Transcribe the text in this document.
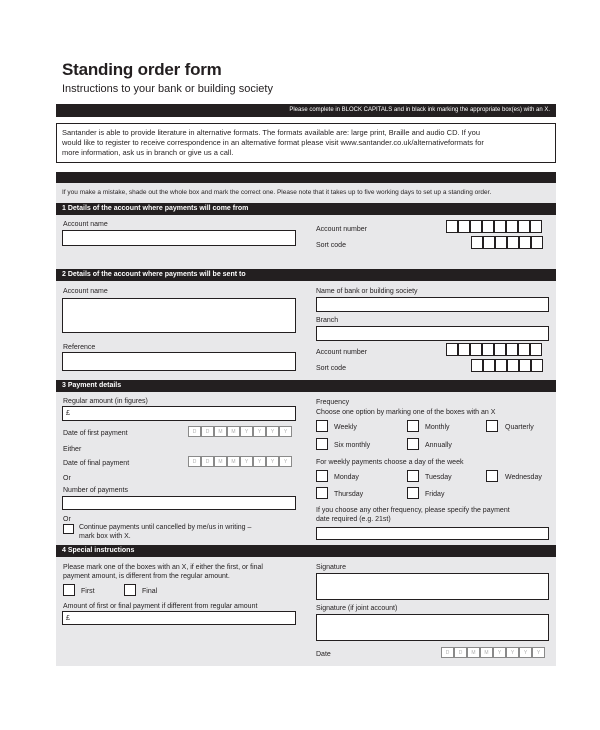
Standing order form
Instructions to your bank or building society
Please complete in BLOCK CAPITALS and in black ink marking the appropriate box(es) with an X.
Santander is able to provide literature in alternative formats. The formats available are: large print, Braille and audio CD. If you
would like to register to receive correspondence in an alternative format please visit www.santander.co.uk/alternativeformats for
more information, ask us in branch or give us a call.
If you make a mistake, shade out the whole box and mark the correct one. Please note that it takes up to five working days to set up a standing order.
1 Details of the account where payments will come from
Account name
Account number
Sort code
2 Details of the account where payments will be sent to
Account name	Name of bank or building society
Branch
Reference
Account number
Sort code
3 Payment details
Regular amount (in figures)
£
Date of first payment	D	D	M	M	Y	Y	Y	Y
Either
Date of final payment	D	D	M	M	Y	Y	Y	Y
Or
Number of payments
Or
Continue payments until cancelled by me/us in writing –
mark box with X.
Frequency
Choose one option by marking one of the boxes with an X
Weekly	Monthly	Quarterly
Six monthly	Annually
For weekly payments choose a day of the week
Monday	Tuesday	Wednesday
Thursday	Friday
If you choose any other frequency, please specify the payment
date required (e.g. 21st)
4 Special instructions
Please mark one of the boxes with an X, if either the first, or final
payment amount, is different from the regular amount.
First	Final
Amount of first or final payment if different from regular amount
£
Signature
Signature (if joint account)
Date	D	D	M	M	Y	Y	Y	Y
